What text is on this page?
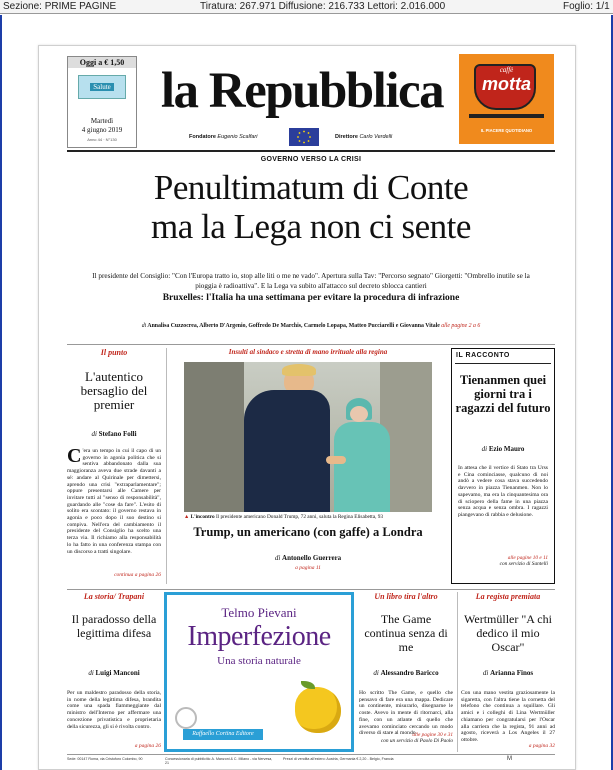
Sezione: PRIME PAGINE	Tiratura: 267.971 Diffusione: 216.733 Lettori: 2.016.000	Foglio: 1/1
Oggi a € 1,50
Salute
Martedì
4 giugno 2019
Anno 44 · N°130
la Repubblica
Fondatore Eugenio Scalfari	Direttore Carlo Verdelli
caffè
motta
IL PIACERE QUOTIDIANO
GOVERNO VERSO LA CRISI
Penultimatum di Conte
ma la Lega non ci sente
Il presidente del Consiglio: "Con l'Europa tratto io, stop alle liti o me ne vado". Apertura sulla Tav: "Percorso segnato" Giorgetti: "Ombrello inutile se la pioggia è radioattiva". E la Lega va subito all'attacco sul decreto sblocca cantieri
Bruxelles: l'Italia ha una settimana per evitare la procedura di infrazione
di Annalisa Cuzzocrea, Alberto D'Argenio, Goffredo De Marchis, Carmelo Lopapa, Matteo Pucciarelli e Giovanna Vitale alle pagine 2 a 6
Il punto
L'autentico bersaglio del premier
di Stefano Folli
C 'era un tempo in cui il capo di un governo in agonia politica che si sentiva abbandonato dalla sua maggioranza aveva due strade davanti a sé: andare al Quirinale per dimettersi, aprendo una crisi "extraparlamentare"; oppure presentarsi alle Camere per invitare tutti al "senso di responsabilità", guardando alle "cose da fare". L'esito di solito era scontato: il governo restava in agonia e poco dopo il suo destino si compiva. Nell'era del cambiamento il presidente del Consiglio ha scelto una terza via. Il richiamo alla responsabilità lo ha fatto in una conferenza stampa con un discorso a tratti singolare.
continua a pagina 26
Insulti al sindaco e stretta di mano irrituale alla regina
▲ L'incontro Il presidente americano Donald Trump, 72 anni, saluta la Regina Elisabetta, 93
Trump, un americano (con gaffe) a Londra
di Antonello Guerrera
a pagina 11
IL RACCONTO
Tienanmen quei giorni tra i ragazzi del futuro
di Ezio Mauro
In attesa che il vertice di Stato tra Urss e Cina cominciasse, qualcuno di noi andò a vedere cosa stava succedendo davvero in piazza Tienanmen. Non lo sapevamo, ma era la cinquantesima ora di sciopero della fame in una piazza senza acqua e senza ombra. I ragazzi piangevano di rabbia e delusione.
alle pagine 10 e 11
con servizio di Santelli
La storia/ Trapani
Il paradosso della legittima difesa
di Luigi Manconi
Per un maldestro paradosso della storia, in nome della legittima difesa, brandita come una spada fiammeggiante dal ministro dell'Interno per affermare una concezione privatistica e proprietaria della sicurezza, gli si è rivolta contro.
a pagina 26
Telmo Pievani
Imperfezione
Una storia naturale
Raffaello Cortina Editore
Un libro tira l'altro
The Game continua senza di me
di Alessandro Baricco
Ho scritto The Game, e quello che pensavo di fare era una mappa. Dedicare un continente, misurarlo, disegnarne le coste. Avevo in mente di ritornarci, alla fine, con un atlante di quello che avevamo cominciato cercando un modo diverso di stare al mondo.
alle pagine 30 e 31
con un servizio di Paolo Di Paolo
La regista premiata
Wertmüller "A chi dedico il mio Oscar"
di Arianna Finos
Con una mano vestita graziosamente la sigaretta, con l'altra tiene la cornetta del telefono che continua a squillare. Gli amici e i colleghi di Lina Wertmüller chiamano per congratularsi per l'Oscar alla carriera che la regista, 91 anni ad agosto, riceverà a Los Angeles il 27 ottobre.
a pagina 32
Sede: 00147 Roma, via Cristoforo Colombo, 90	Concessionaria di pubblicità: A. Manzoni & C. Milano - via Nervesa, 21
Prezzi di vendita all'estero: Austria, Germania € 2,20 - Belgio, Francia	M
